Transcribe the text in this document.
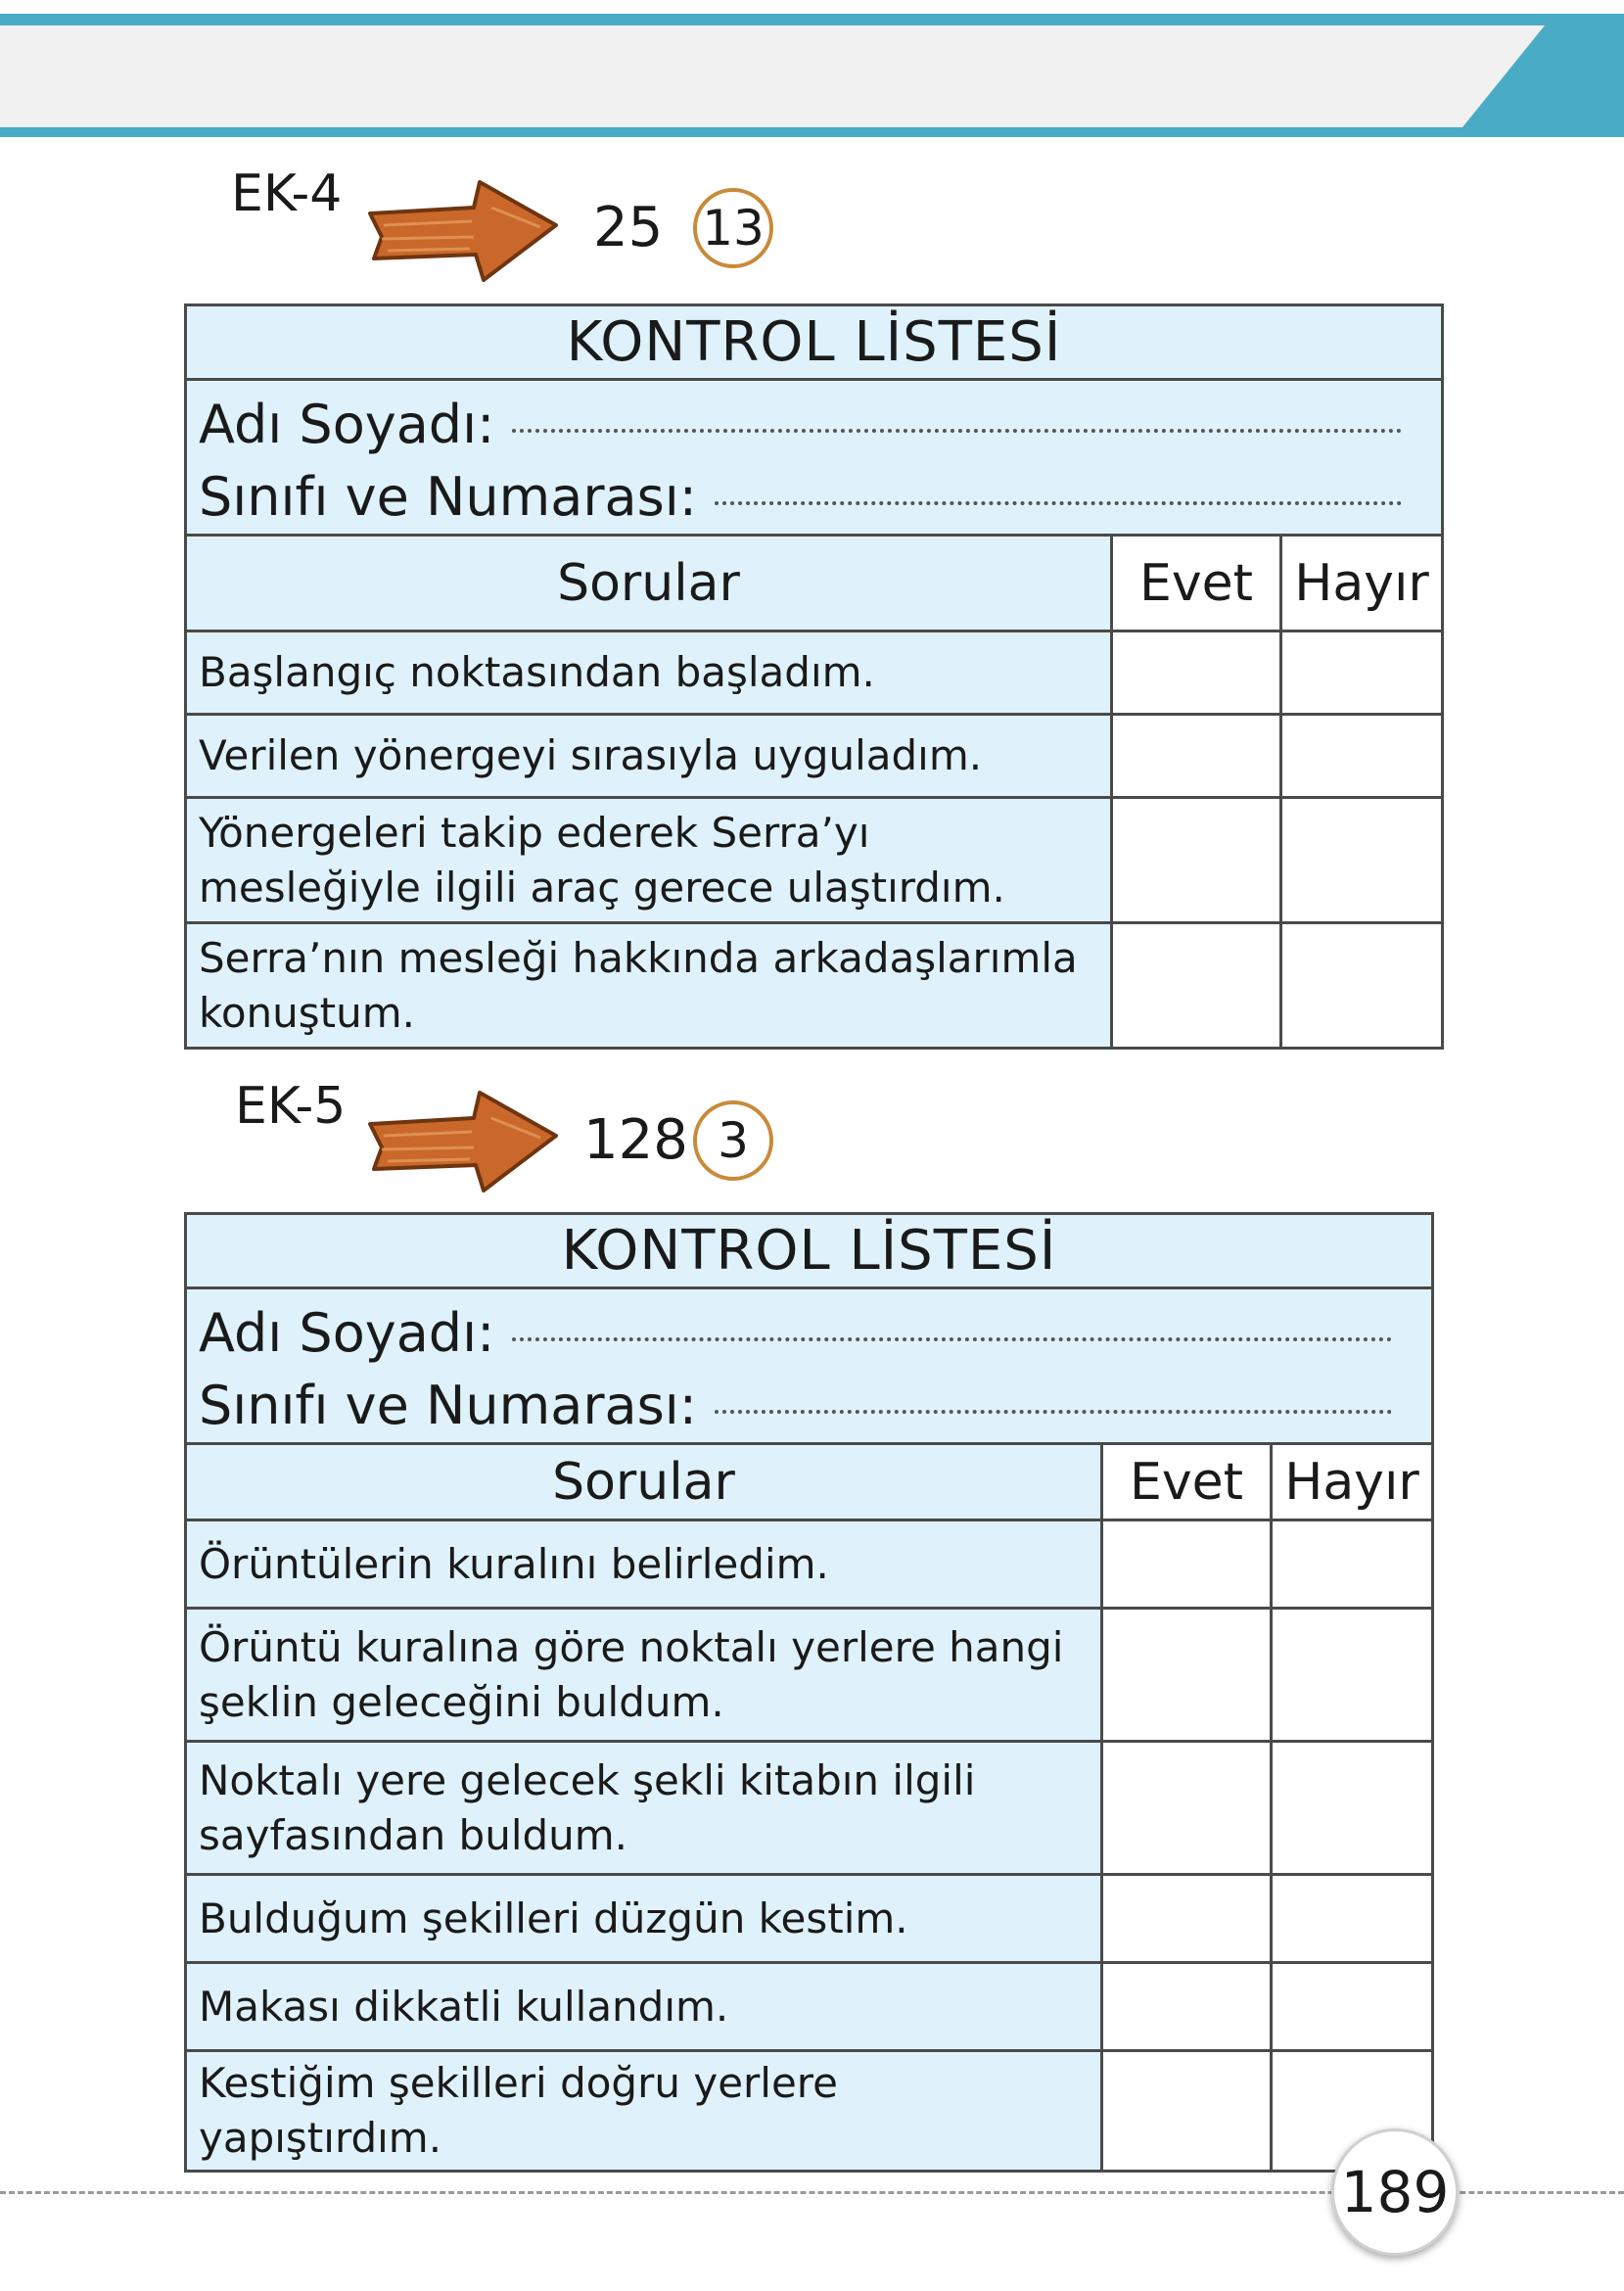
EK-4
25 13
KONTROL LİSTESİ		

Adı Soyadı:
Sınıfı ve Numarası:		

Sorular	Evet	Hayır
Başlangıç noktasından başladım.		
Verilen yönergeyi sırasıyla uyguladım.		
Yönergeleri takip ederek Serra’yı mesleğiyle ilgili araç gerece ulaştırdım.		
Serra’nın mesleği hakkında arkadaşlarımla konuştum.		
EK-5
128 3
KONTROL LİSTESİ		

Adı Soyadı:
Sınıfı ve Numarası:		

Sorular	Evet	Hayır
Örüntülerin kuralını belirledim.		
Örüntü kuralına göre noktalı yerlere hangi şeklin geleceğini buldum.		
Noktalı yere gelecek şekli kitabın ilgili sayfasından buldum.		
Bulduğum şekilleri düzgün kestim.		
Makası dikkatli kullandım.		
Kestiğim şekilleri doğru yerlere yapıştırdım.		
189
